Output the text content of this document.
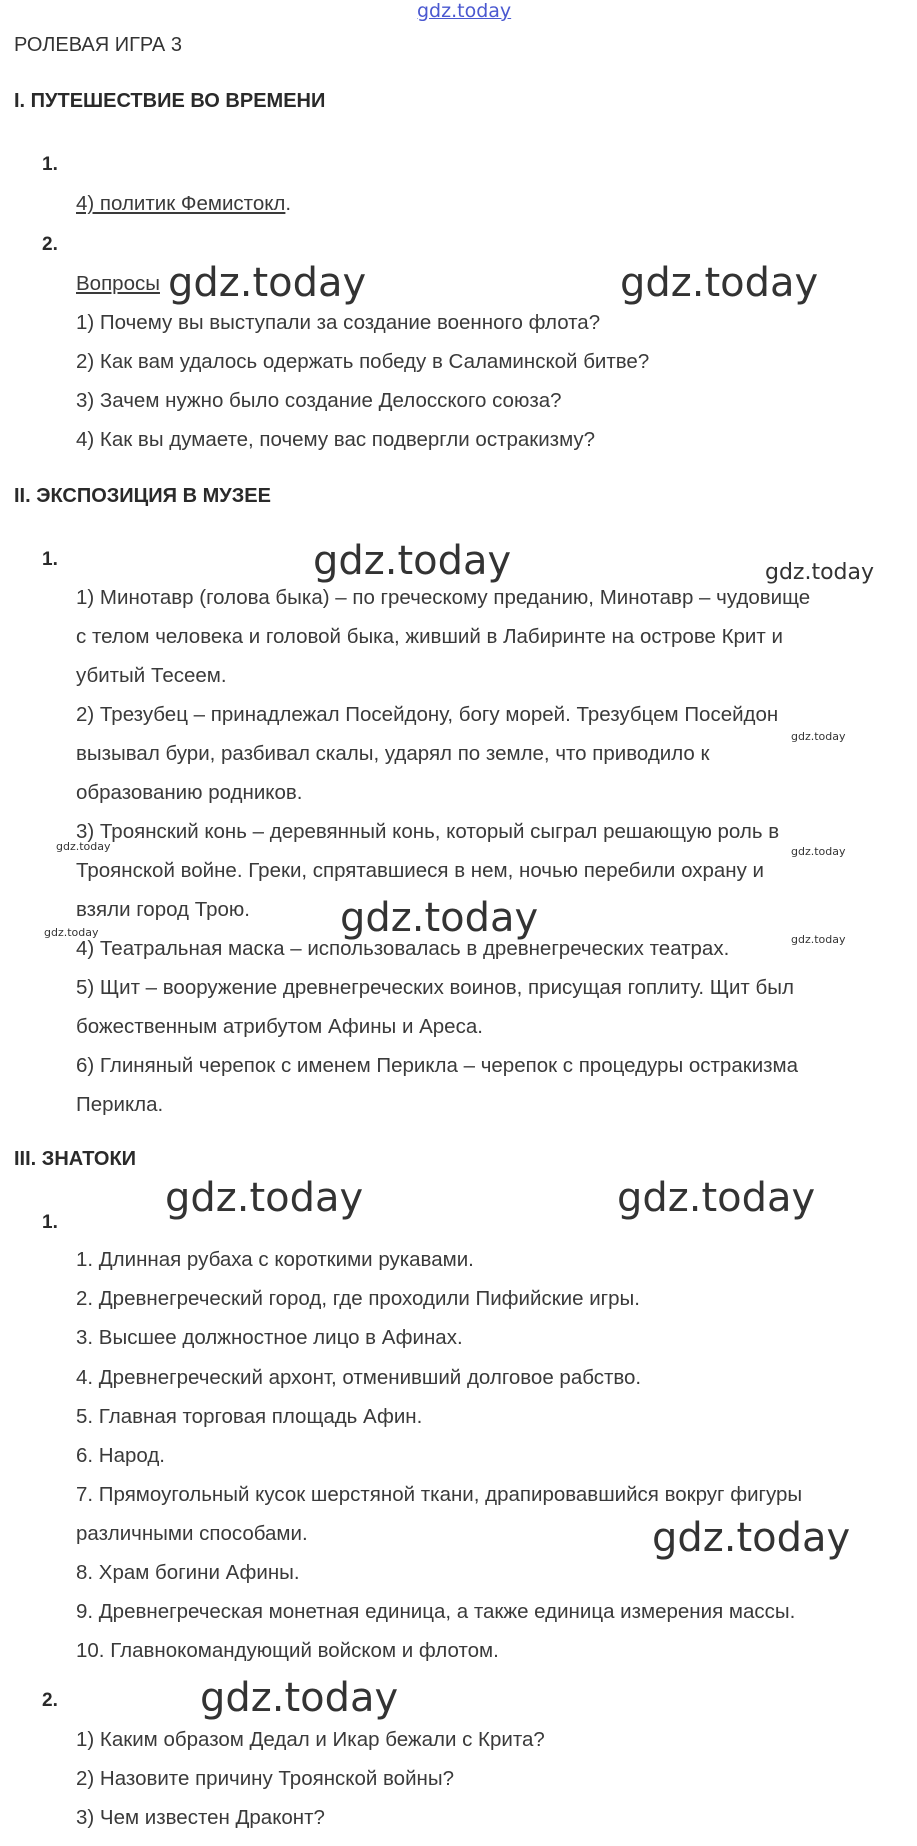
gdz.today
РОЛЕВАЯ ИГРА 3
I. ПУТЕШЕСТВИЕ ВО ВРЕМЕНИ
1.
4) политик Фемистокл.
2.
Вопросы
1) Почему вы выступали за создание военного флота?
2) Как вам удалось одержать победу в Саламинской битве?
3) Зачем нужно было создание Делосского союза?
4) Как вы думаете, почему вас подвергли остракизму?
II. ЭКСПОЗИЦИЯ В МУЗЕЕ
1.
1) Минотавр (голова быка) – по греческому преданию, Минотавр – чудовище
с телом человека и головой быка, живший в Лабиринте на острове Крит и
убитый Тесеем.
2) Трезубец – принадлежал Посейдону, богу морей. Трезубцем Посейдон
вызывал бури, разбивал скалы, ударял по земле, что приводило к
образованию родников.
3) Троянский конь – деревянный конь, который сыграл решающую роль в
Троянской войне. Греки, спрятавшиеся в нем, ночью перебили охрану и
взяли город Трою.
4) Театральная маска – использовалась в древнегреческих театрах.
5) Щит – вооружение древнегреческих воинов, присущая гоплиту. Щит был
божественным атрибутом Афины и Ареса.
6) Глиняный черепок с именем Перикла – черепок с процедуры остракизма
Перикла.
III. ЗНАТОКИ
1.
1. Длинная рубаха с короткими рукавами.
2. Древнегреческий город, где проходили Пифийские игры.
3. Высшее должностное лицо в Афинах.
4. Древнегреческий архонт, отменивший долговое рабство.
5. Главная торговая площадь Афин.
6. Народ.
7. Прямоугольный кусок шерстяной ткани, драпировавшийся вокруг фигуры
различными способами.
8. Храм богини Афины.
9. Древнегреческая монетная единица, а также единица измерения массы.
10. Главнокомандующий войском и флотом.
2.
1) Каким образом Дедал и Икар бежали с Крита?
2) Назовите причину Троянской войны?
3) Чем известен Драконт?
gdz.today	gdz.today
gdz.today	gdz.today
gdz.today
gdz.today	gdz.today
gdz.today
gdz.today
gdz.today
gdz.today	gdz.today
gdz.today
gdz.today
